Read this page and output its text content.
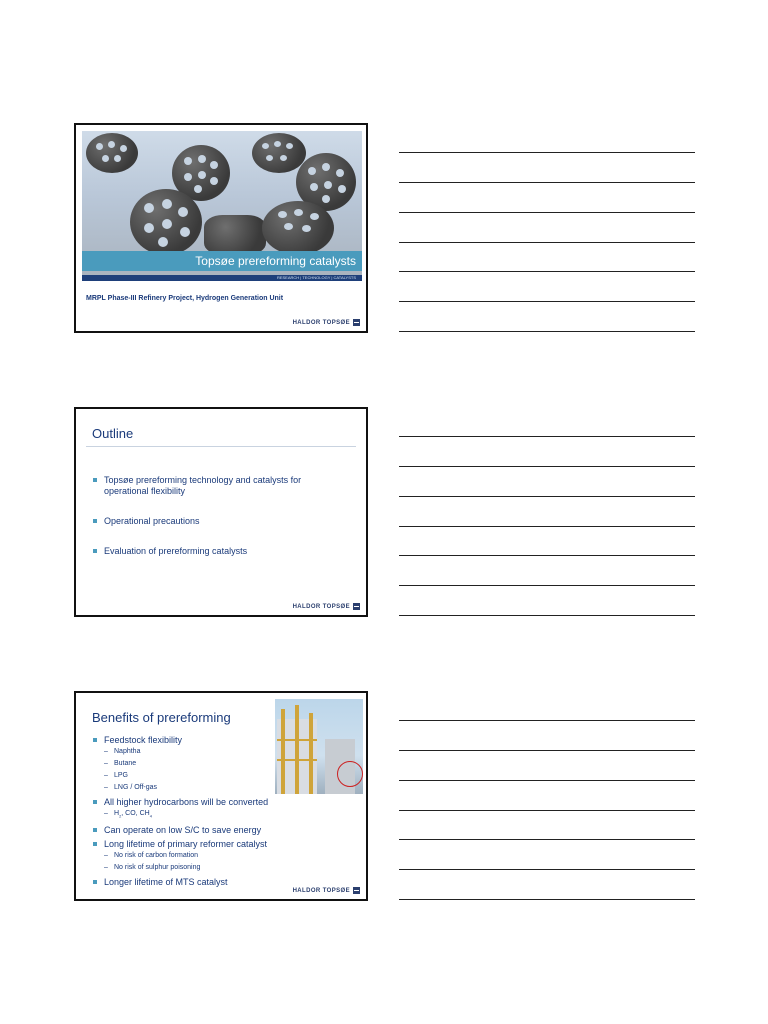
Topsøe prereforming catalysts
RESEARCH | TECHNOLOGY | CATALYSTS
MRPL Phase-III Refinery Project, Hydrogen Generation Unit
HALDOR TOPSØE
Outline
Topsøe prereforming technology and catalysts for operational flexibility
Operational precautions
Evaluation of prereforming catalysts
HALDOR TOPSØE
Benefits of prereforming
Feedstock flexibility
– Naphtha
– Butane
– LPG
– LNG / Off-gas
All higher hydrocarbons will be converted
– $H_2$, CO, $CH_4$
Can operate on low S/C to save energy
Long lifetime of primary reformer catalyst
– No risk of carbon formation
– No risk of sulphur poisoning
Longer lifetime of MTS catalyst
HALDOR TOPSØE
